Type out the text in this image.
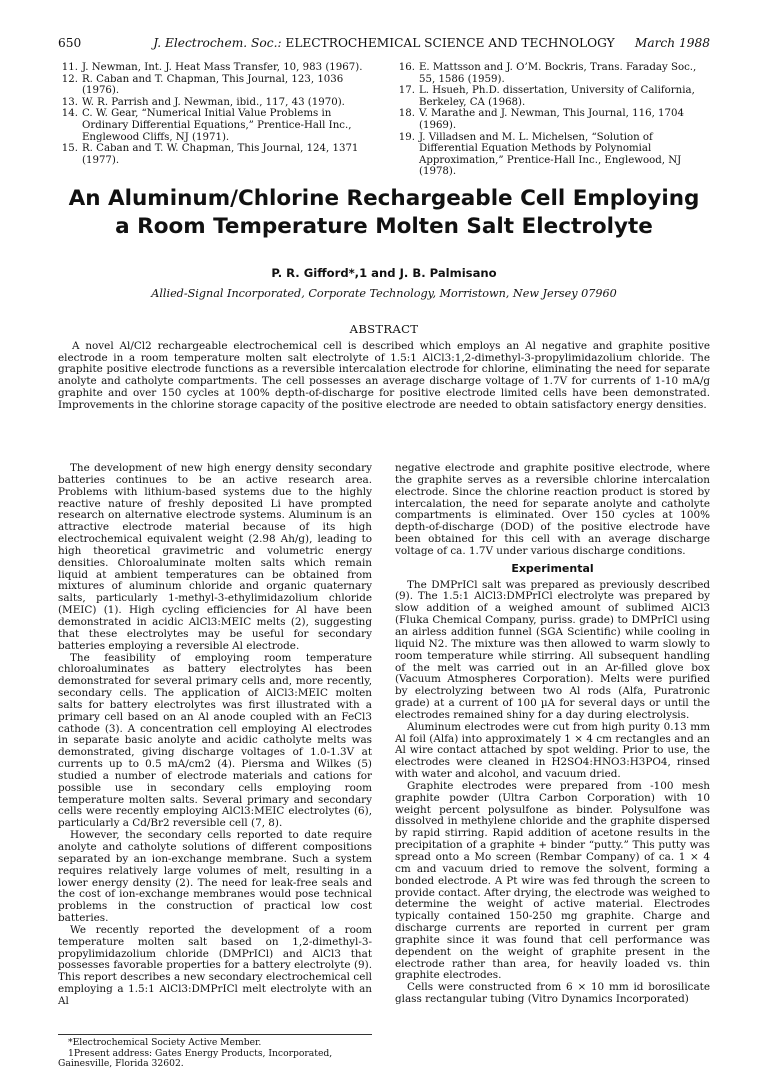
650	J. Electrochem. Soc.: ELECTROCHEMICAL SCIENCE AND TECHNOLOGY	March 1988
11. J. Newman, Int. J. Heat Mass Transfer, 10, 983 (1967).
12. R. Caban and T. Chapman, This Journal, 123, 1036 (1976).
13. W. R. Parrish and J. Newman, ibid., 117, 43 (1970).
14. C. W. Gear, “Numerical Initial Value Problems in Ordinary Differential Equations,” Prentice-Hall Inc., Englewood Cliffs, NJ (1971).
15. R. Caban and T. W. Chapman, This Journal, 124, 1371 (1977).
16. E. Mattsson and J. O’M. Bockris, Trans. Faraday Soc., 55, 1586 (1959).
17. L. Hsueh, Ph.D. dissertation, University of California, Berkeley, CA (1968).
18. V. Marathe and J. Newman, This Journal, 116, 1704 (1969).
19. J. Villadsen and M. L. Michelsen, “Solution of Differential Equation Methods by Polynomial Approximation,” Prentice-Hall Inc., Englewood, NJ (1978).
An Aluminum/Chlorine Rechargeable Cell Employing a Room Temperature Molten Salt Electrolyte
P. R. Gifford*,1 and J. B. Palmisano
Allied-Signal Incorporated, Corporate Technology, Morristown, New Jersey 07960
ABSTRACT
A novel Al/Cl2 rechargeable electrochemical cell is described which employs an Al negative and graphite positive electrode in a room temperature molten salt electrolyte of 1.5:1 AlCl3:1,2-dimethyl-3-propylimidazolium chloride. The graphite positive electrode functions as a reversible intercalation electrode for chlorine, eliminating the need for separate anolyte and catholyte compartments. The cell possesses an average discharge voltage of 1.7V for currents of 1-10 mA/g graphite and over 150 cycles at 100% depth-of-discharge for positive electrode limited cells have been demonstrated. Improvements in the chlorine storage capacity of the positive electrode are needed to obtain satisfactory energy densities.

The development of new high energy density secondary batteries continues to be an active research area. Problems with lithium-based systems due to the highly reactive nature of freshly deposited Li have prompted research on alternative electrode systems. Aluminum is an attractive electrode material because of its high electrochemical equivalent weight (2.98 Ah/g), leading to high theoretical gravimetric and volumetric energy densities. Chloroaluminate molten salts which remain liquid at ambient temperatures can be obtained from mixtures of aluminum chloride and organic quaternary salts, particularly 1-methyl-3-ethylimidazolium chloride (MEIC) (1). High cycling efficiencies for Al have been demonstrated in acidic AlCl3:MEIC melts (2), suggesting that these electrolytes may be useful for secondary batteries employing a reversible Al electrode.

The feasibility of employing room temperature chloroaluminates as battery electrolytes has been demonstrated for several primary cells and, more recently, secondary cells. The application of AlCl3:MEIC molten salts for battery electrolytes was first illustrated with a primary cell based on an Al anode coupled with an FeCl3 cathode (3). A concentration cell employing Al electrodes in separate basic anolyte and acidic catholyte melts was demonstrated, giving discharge voltages of 1.0-1.3V at currents up to 0.5 mA/cm2 (4). Piersma and Wilkes (5) studied a number of electrode materials and cations for possible use in secondary cells employing room temperature molten salts. Several primary and secondary cells were recently employing AlCl3:MEIC electrolytes (6), particularly a Cd/Br2 reversible cell (7, 8).

However, the secondary cells reported to date require anolyte and catholyte solutions of different compositions separated by an ion-exchange membrane. Such a system requires relatively large volumes of melt, resulting in a lower energy density (2). The need for leak-free seals and the cost of ion-exchange membranes would pose technical problems in the construction of practical low cost batteries.

We recently reported the development of a room temperature molten salt based on 1,2-dimethyl-3-propylimidazolium chloride (DMPrICl) and AlCl3 that possesses favorable properties for a battery electrolyte (9). This report describes a new secondary electrochemical cell employing a 1.5:1 AlCl3:DMPrICl melt electrolyte with an Al

*Electrochemical Society Active Member.
1Present address: Gates Energy Products, Incorporated, Gainesville, Florida 32602.

negative electrode and graphite positive electrode, where the graphite serves as a reversible chlorine intercalation electrode. Since the chlorine reaction product is stored by intercalation, the need for separate anolyte and catholyte compartments is eliminated. Over 150 cycles at 100% depth-of-discharge (DOD) of the positive electrode have been obtained for this cell with an average discharge voltage of ca. 1.7V under various discharge conditions.

Experimental

The DMPrICl salt was prepared as previously described (9). The 1.5:1 AlCl3:DMPrICl electrolyte was prepared by slow addition of a weighed amount of sublimed AlCl3 (Fluka Chemical Company, puriss. grade) to DMPrICl using an airless addition funnel (SGA Scientific) while cooling in liquid N2. The mixture was then allowed to warm slowly to room temperature while stirring. All subsequent handling of the melt was carried out in an Ar-filled glove box (Vacuum Atmospheres Corporation). Melts were purified by electrolyzing between two Al rods (Alfa, Puratronic grade) at a current of 100 µA for several days or until the electrodes remained shiny for a day during electrolysis.

Aluminum electrodes were cut from high purity 0.13 mm Al foil (Alfa) into approximately 1 × 4 cm rectangles and an Al wire contact attached by spot welding. Prior to use, the electrodes were cleaned in H2SO4:HNO3:H3PO4, rinsed with water and alcohol, and vacuum dried.

Graphite electrodes were prepared from -100 mesh graphite powder (Ultra Carbon Corporation) with 10 weight percent polysulfone as binder. Polysulfone was dissolved in methylene chloride and the graphite dispersed by rapid stirring. Rapid addition of acetone results in the precipitation of a graphite + binder “putty.” This putty was spread onto a Mo screen (Rembar Company) of ca. 1 × 4 cm and vacuum dried to remove the solvent, forming a bonded electrode. A Pt wire was fed through the screen to provide contact. After drying, the electrode was weighed to determine the weight of active material. Electrodes typically contained 150-250 mg graphite. Charge and discharge currents are reported in current per gram graphite since it was found that cell performance was dependent on the weight of graphite present in the electrode rather than area, for heavily loaded vs. thin graphite electrodes.

Cells were constructed from 6 × 10 mm id borosilicate glass rectangular tubing (Vitro Dynamics Incorporated)
